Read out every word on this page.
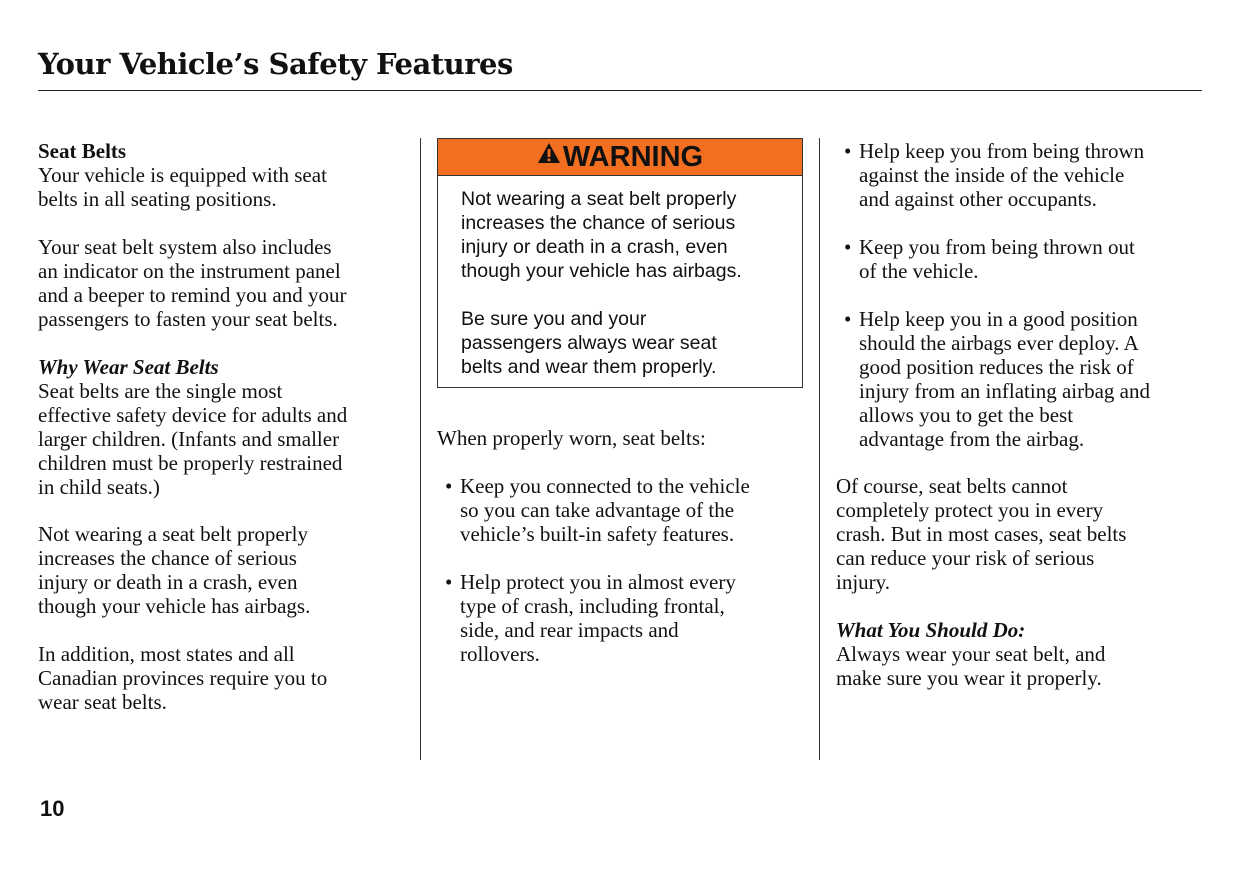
Your Vehicle’s Safety Features
Seat Belts
Your vehicle is equipped with seat
belts in all seating positions.
Your seat belt system also includes
an indicator on the instrument panel
and a beeper to remind you and your
passengers to fasten your seat belts.
Why Wear Seat Belts
Seat belts are the single most
effective safety device for adults and
larger children. (Infants and smaller
children must be properly restrained
in child seats.)
Not wearing a seat belt properly
increases the chance of serious
injury or death in a crash, even
though your vehicle has airbags.
In addition, most states and all
Canadian provinces require you to
wear seat belts.
WARNING
Not wearing a seat belt properly
increases the chance of serious
injury or death in a crash, even
though your vehicle has airbags.
Be sure you and your
passengers always wear seat
belts and wear them properly.
When properly worn, seat belts:
• Keep you connected to the vehicle
so you can take advantage of the
vehicle’s built-in safety features.
• Help protect you in almost every
type of crash, including frontal,
side, and rear impacts and
rollovers.
• Help keep you from being thrown
against the inside of the vehicle
and against other occupants.
• Keep you from being thrown out
of the vehicle.
• Help keep you in a good position
should the airbags ever deploy. A
good position reduces the risk of
injury from an inflating airbag and
allows you to get the best
advantage from the airbag.
Of course, seat belts cannot
completely protect you in every
crash. But in most cases, seat belts
can reduce your risk of serious
injury.
What You Should Do:
Always wear your seat belt, and
make sure you wear it properly.
10
